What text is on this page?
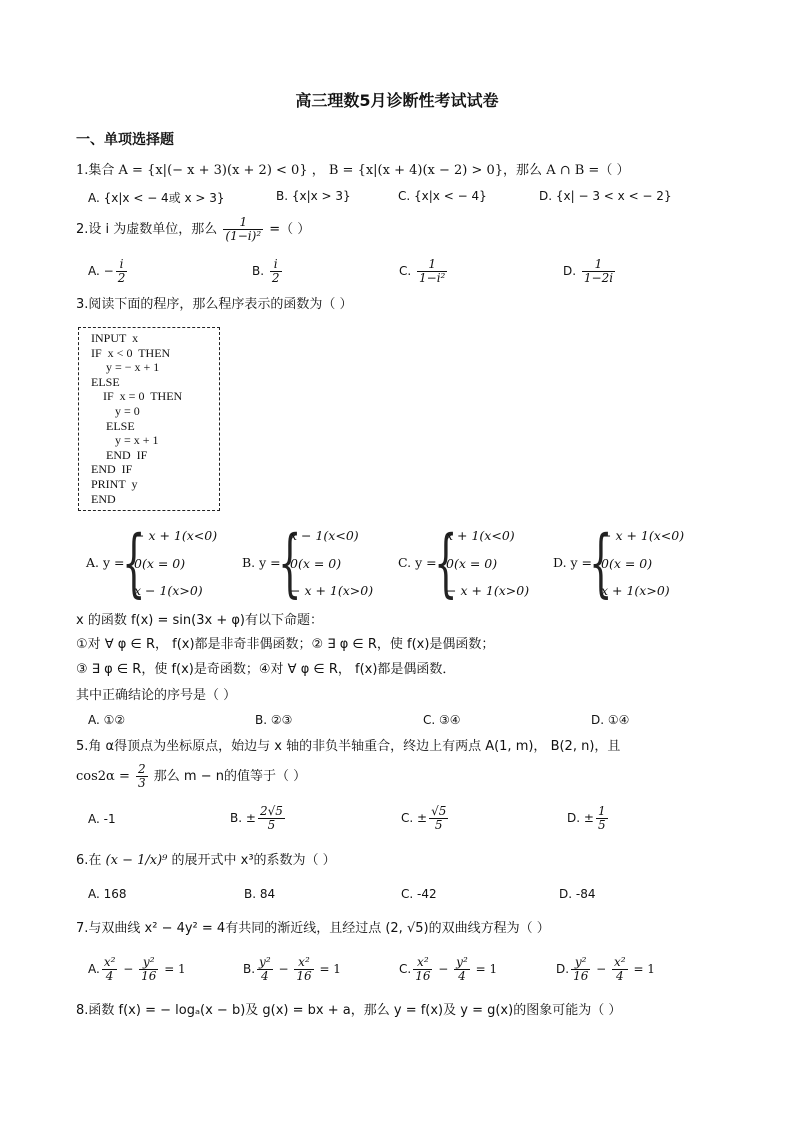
高三理数5月诊断性考试试卷
一、单项选择题
1.集合 A = {x|(− x + 3)(x + 2) < 0} ， B = {x|(x + 4)(x − 2) > 0}，那么 A ∩ B =（ ）
A. {x|x < − 4或 x > 3}	B. {x|x > 3}	C. {x|x < − 4}	D. {x| − 3 < x < − 2}
2.设 i 为虚数单位，那么 $\frac{1}{\text{(1−i)²}}$ =（ ）
A. − $\frac{i}{2}$	B. $\frac{i}{2}$	C. $\frac{1}{\text{1−i²}}$	D. $\frac{1}{1-2i}$
3.阅读下面的程序，那么程序表示的函数为（ ）
INPUT  x
IF  x < 0  THEN
y = − x + 1
ELSE
IF  x = 0  THEN
y = 0
ELSE
y = x + 1
END  IF
END  IF
PRINT  y
END
A. y =
{
− x + 1(x<0)
0(x = 0)
x − 1(x>0)
B. y =
{
x − 1(x<0)
0(x = 0)
− x + 1(x>0)
C. y =
{
x + 1(x<0)
0(x = 0)
− x + 1(x>0)
D. y =
{
− x + 1(x<0)
0(x = 0)
x + 1(x>0)
x 的函数 f(x) = sin(3x + φ)有以下命题：
①对 ∀ φ ∈ R， f(x)都是非奇非偶函数；② ∃ φ ∈ R，使 f(x)是偶函数；
③ ∃ φ ∈ R，使 f(x)是奇函数；④对 ∀ φ ∈ R， f(x)都是偶函数．
其中正确结论的序号是（ ）
A. ①②	B. ②③	C. ③④	D. ①④
5.角 α得顶点为坐标原点，始边与 x 轴的非负半轴重合，终边上有两点 A(1, m)， B(2, n)，且
$\cos 2\alpha = \frac{2}{3}$ 那么 m − n的值等于（ ）
A. -1	B. ± $\frac{2√5}{5}$	C. ± $\frac{√5}{5}$	D. ± $\frac{1}{5}$
6.在 (x − 1/x)⁹ 的展开式中 x³的系数为（ ）
A. 168	B. 84	C. -42	D. -84
7.与双曲线 x² − 4y² = 4有共同的渐近线，且经过点 (2, √5)的双曲线方程为（ ）
A. $\frac{\text{x²}}{4} - \frac{\text{y²}}{16} = 1$	B. $\frac{\text{y²}}{4} - \frac{\text{x²}}{16} = 1$	C. $\frac{\text{x²}}{16} - \frac{\text{y²}}{4} = 1$	D. $\frac{\text{y²}}{16} - \frac{\text{x²}}{4} = 1$
8.函数 f(x) = − logₐ(x − b)及 g(x) = bx + a，那么 y = f(x)及 y = g(x)的图象可能为（ ）
